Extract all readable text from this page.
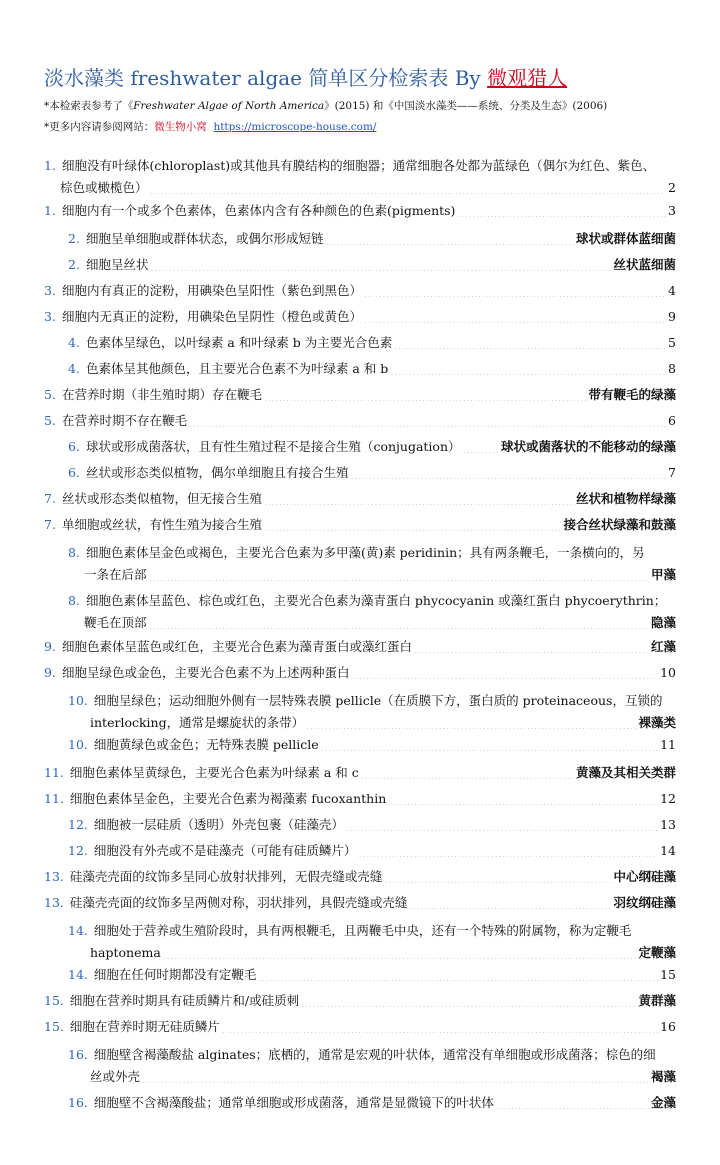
淡水藻类 freshwater algae 简单区分检索表 By 微观猎人
*本检索表参考了《Freshwater Algae of North America》(2015) 和《中国淡水藻类——系统、分类及生态》(2006)
*更多内容请参阅网站：微生物小窝 https://microscope-house.com/
1. 细胞没有叶绿体(chloroplast)或其他具有膜结构的细胞器；通常细胞各处都为蓝绿色（偶尔为红色、紫色、
棕色或橄榄色） .....	2
1. 细胞内有一个或多个色素体，色素体内含有各种颜色的色素(pigments) .....	3
2. 细胞呈单细胞或群体状态，或偶尔形成短链 .....	球状或群体蓝细菌
2. 细胞呈丝状 .....	丝状蓝细菌
3. 细胞内有真正的淀粉，用碘染色呈阳性（紫色到黑色） .....	4
3. 细胞内无真正的淀粉，用碘染色呈阴性（橙色或黄色） .....	9
4. 色素体呈绿色，以叶绿素 a 和叶绿素 b 为主要光合色素 .....	5
4. 色素体呈其他颜色，且主要光合色素不为叶绿素 a 和 b .....	8
5. 在营养时期（非生殖时期）存在鞭毛 .....	带有鞭毛的绿藻
5. 在营养时期不存在鞭毛 .....	6
6. 球状或形成菌落状，且有性生殖过程不是接合生殖（conjugation） .....	球状或菌落状的不能移动的绿藻
6. 丝状或形态类似植物，偶尔单细胞且有接合生殖 .....	7
7. 丝状或形态类似植物，但无接合生殖 .....	丝状和植物样绿藻
7. 单细胞或丝状，有性生殖为接合生殖 .....	接合丝状绿藻和鼓藻
8. 细胞色素体呈金色或褐色，主要光合色素为多甲藻(黄)素 peridinin；具有两条鞭毛，一条横向的，另
一条在后部 .....	甲藻
8. 细胞色素体呈蓝色、棕色或红色，主要光合色素为藻青蛋白 phycocyanin 或藻红蛋白 phycoerythrin；
鞭毛在顶部 .....	隐藻
9. 细胞色素体呈蓝色或红色，主要光合色素为藻青蛋白或藻红蛋白 .....	红藻
9. 细胞呈绿色或金色，主要光合色素不为上述两种蛋白 .....	10
10. 细胞呈绿色；运动细胞外侧有一层特殊表膜 pellicle（在质膜下方，蛋白质的 proteinaceous，互锁的
interlocking，通常是螺旋状的条带） .....	裸藻类
10. 细胞黄绿色或金色；无特殊表膜 pellicle .....	11
11. 细胞色素体呈黄绿色，主要光合色素为叶绿素 a 和 c .....	黄藻及其相关类群
11. 细胞色素体呈金色，主要光合色素为褐藻素 fucoxanthin .....	12
12. 细胞被一层硅质（透明）外壳包裹（硅藻壳） .....	13
12. 细胞没有外壳或不是硅藻壳（可能有硅质鳞片） .....	14
13. 硅藻壳壳面的纹饰多呈同心放射状排列，无假壳缝或壳缝 .....	中心纲硅藻
13. 硅藻壳壳面的纹饰多呈两侧对称，羽状排列，具假壳缝或壳缝 .....	羽纹纲硅藻
14. 细胞处于营养或生殖阶段时，具有两根鞭毛，且两鞭毛中央，还有一个特殊的附属物，称为定鞭毛
haptonema .....	定鞭藻
14. 细胞在任何时期都没有定鞭毛 .....	15
15. 细胞在营养时期具有硅质鳞片和/或硅质刺 .....	黄群藻
15. 细胞在营养时期无硅质鳞片 .....	16
16. 细胞壁含褐藻酸盐 alginates；底栖的，通常是宏观的叶状体，通常没有单细胞或形成菌落；棕色的细
丝或外壳 .....	褐藻
16. 细胞壁不含褐藻酸盐；通常单细胞或形成菌落，通常是显微镜下的叶状体 .....	金藻
